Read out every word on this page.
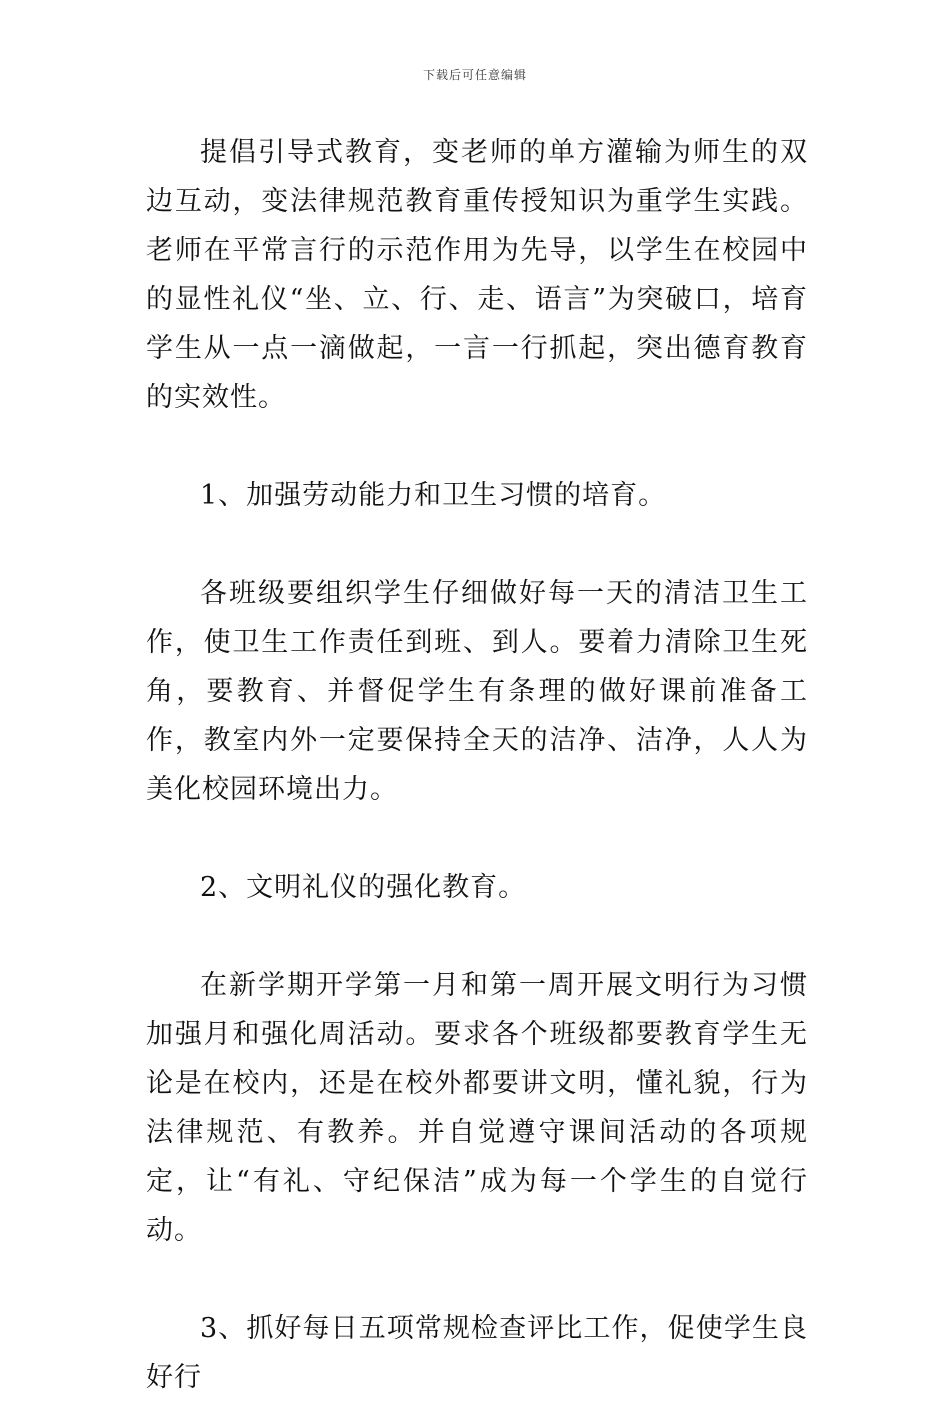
下载后可任意编辑

提倡引导式教育，变老师的单方灌输为师生的双边互动，变法律规范教育重传授知识为重学生实践。老师在平常言行的示范作用为先导，以学生在校园中的显性礼仪“坐、立、行、走、语言”为突破口，培育学生从一点一滴做起，一言一行抓起，突出德育教育的实效性。

1、加强劳动能力和卫生习惯的培育。

各班级要组织学生仔细做好每一天的清洁卫生工作，使卫生工作责任到班、到人。要着力清除卫生死角，要教育、并督促学生有条理的做好课前准备工作，教室内外一定要保持全天的洁净、洁净，人人为美化校园环境出力。

2、文明礼仪的强化教育。

在新学期开学第一月和第一周开展文明行为习惯加强月和强化周活动。要求各个班级都要教育学生无论是在校内，还是在校外都要讲文明，懂礼貌，行为法律规范、有教养。并自觉遵守课间活动的各项规定，让“有礼、守纪保洁”成为每一个学生的自觉行动。

3、抓好每日五项常规检查评比工作，促使学生良好行
